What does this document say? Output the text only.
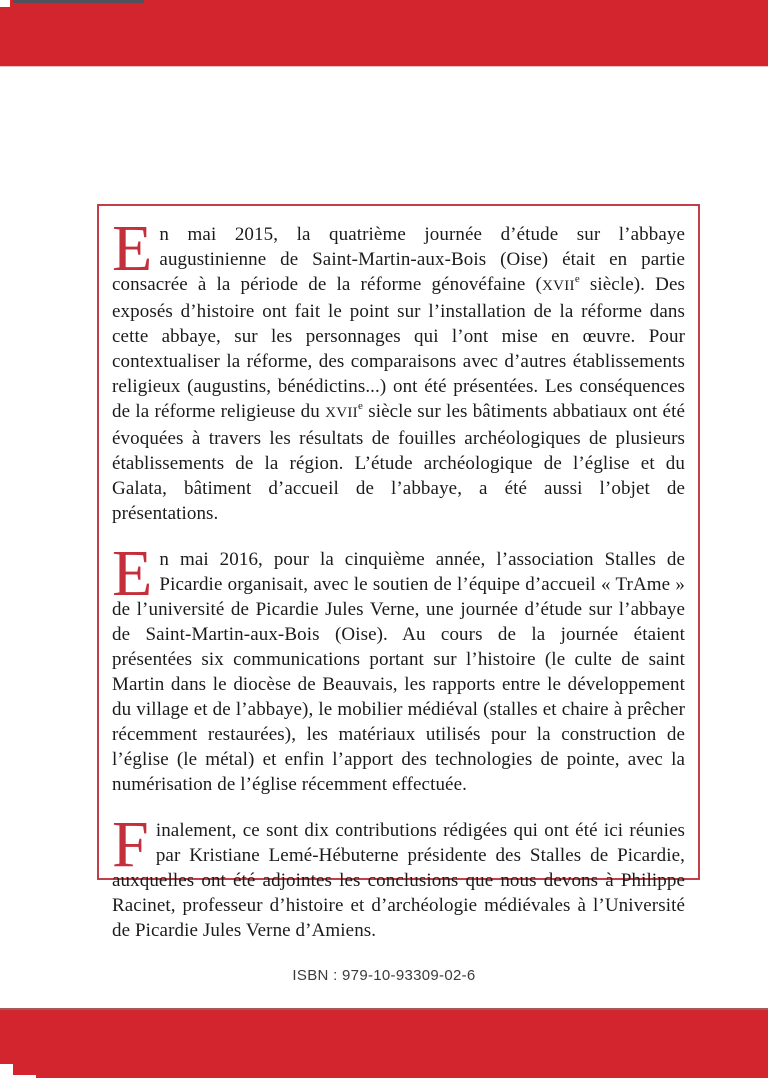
En mai 2015, la quatrième journée d’étude sur l’abbaye augustinienne de Saint-Martin-aux-Bois (Oise) était en partie consacrée à la période de la réforme génovéfaine (XVIIe siècle). Des exposés d’histoire ont fait le point sur l’installation de la réforme dans cette abbaye, sur les personnages qui l’ont mise en œuvre. Pour contextualiser la réforme, des comparaisons avec d’autres établissements religieux (augustins, bénédictins...) ont été présentées. Les conséquences de la réforme religieuse du XVIIe siècle sur les bâtiments abbatiaux ont été évoquées à travers les résultats de fouilles archéologiques de plusieurs établissements de la région. L’étude archéologique de l’église et du Galata, bâtiment d’accueil de l’abbaye, a été aussi l’objet de présentations.

En mai 2016, pour la cinquième année, l’association Stalles de Picardie organisait, avec le soutien de l’équipe d’accueil « TrAme » de l’université de Picardie Jules Verne, une journée d’étude sur l’abbaye de Saint-Martin-aux-Bois (Oise). Au cours de la journée étaient présentées six communications portant sur l’histoire (le culte de saint Martin dans le diocèse de Beauvais, les rapports entre le développement du village et de l’abbaye), le mobilier médiéval (stalles et chaire à prêcher récemment restaurées), les matériaux utilisés pour la construction de l’église (le métal) et enfin l’apport des technologies de pointe, avec la numérisation de l’église récemment effectuée.

Finalement, ce sont dix contributions rédigées qui ont été ici réunies par Kristiane Lemé-Hébuterne présidente des Stalles de Picardie, auxquelles ont été adjointes les conclusions que nous devons à Philippe Racinet, professeur d’histoire et d’archéologie médiévales à l’Université de Picardie Jules Verne d’Amiens.

ISBN : 979-10-93309-02-6
